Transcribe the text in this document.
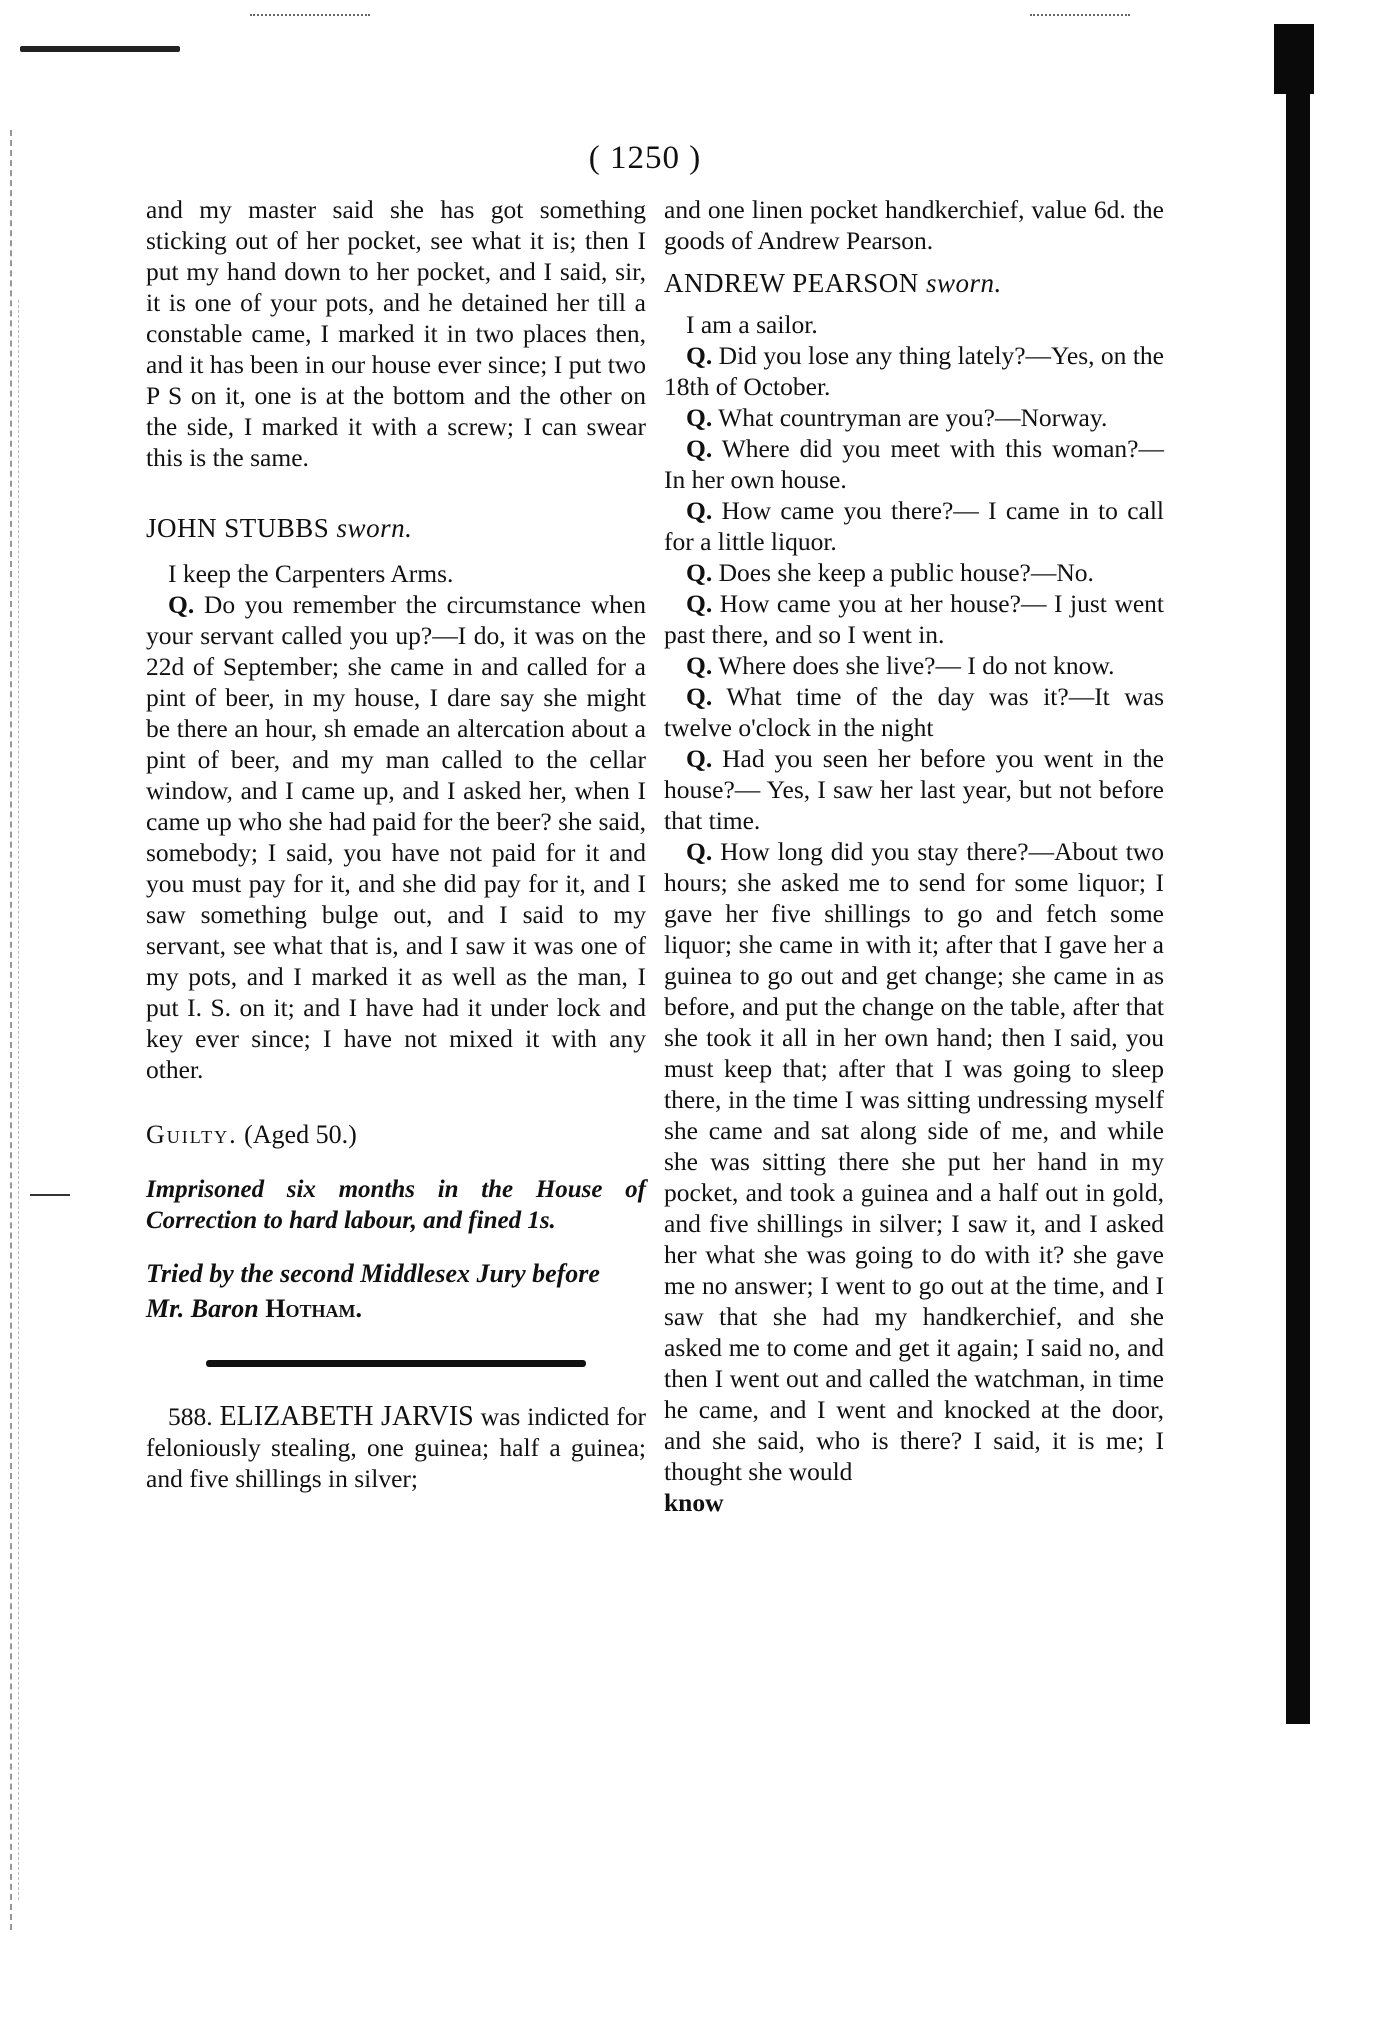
( 1250 )

and my master said she has got something sticking out of her pocket, see what it is; then I put my hand down to her pocket, and I said, sir, it is one of your pots, and he detained her till a constable came, I marked it in two places then, and it has been in our house ever since; I put two P S on it, one is at the bottom and the other on the side, I marked it with a screw; I can swear this is the same.

JOHN STUBBS sworn.

I keep the Carpenters Arms.

Q. Do you remember the circumstance when your servant called you up?—I do, it was on the 22d of September; she came in and called for a pint of beer, in my house, I dare say she might be there an hour, sh emade an altercation about a pint of beer, and my man called to the cellar window, and I came up, and I asked her, when I came up who she had paid for the beer? she said, somebody; I said, you have not paid for it and you must pay for it, and she did pay for it, and I saw something bulge out, and I said to my servant, see what that is, and I saw it was one of my pots, and I marked it as well as the man, I put I. S. on it; and I have had it under lock and key ever since; I have not mixed it with any other.

Guilty. (Aged 50.)

Imprisoned six months in the House of Correction to hard labour, and fined 1s.

Tried by the second Middlesex Jury before
Mr. Baron Hotham.

588. ELIZABETH JARVIS was indicted for feloniously stealing, one guinea; half a guinea; and five shillings in silver;

and one linen pocket handkerchief, value 6d. the goods of Andrew Pearson.

ANDREW PEARSON sworn.

I am a sailor.

Q. Did you lose any thing lately?—Yes, on the 18th of October.

Q. What countryman are you?—Norway.

Q. Where did you meet with this woman?— In her own house.

Q. How came you there?— I came in to call for a little liquor.

Q. Does she keep a public house?—No.

Q. How came you at her house?— I just went past there, and so I went in.

Q. Where does she live?— I do not know.

Q. What time of the day was it?—It was twelve o'clock in the night

Q. Had you seen her before you went in the house?— Yes, I saw her last year, but not before that time.

Q. How long did you stay there?—About two hours; she asked me to send for some liquor; I gave her five shillings to go and fetch some liquor; she came in with it; after that I gave her a guinea to go out and get change; she came in as before, and put the change on the table, after that she took it all in her own hand; then I said, you must keep that; after that I was going to sleep there, in the time I was sitting undressing myself she came and sat along side of me, and while she was sitting there she put her hand in my pocket, and took a guinea and a half out in gold, and five shillings in silver; I saw it, and I asked her what she was going to do with it? she gave me no answer; I went to go out at the time, and I saw that she had my handkerchief, and she asked me to come and get it again; I said no, and then I went out and called the watchman, in time he came, and I went and knocked at the door, and she said, who is there? I said, it is me; I thought she would

know
